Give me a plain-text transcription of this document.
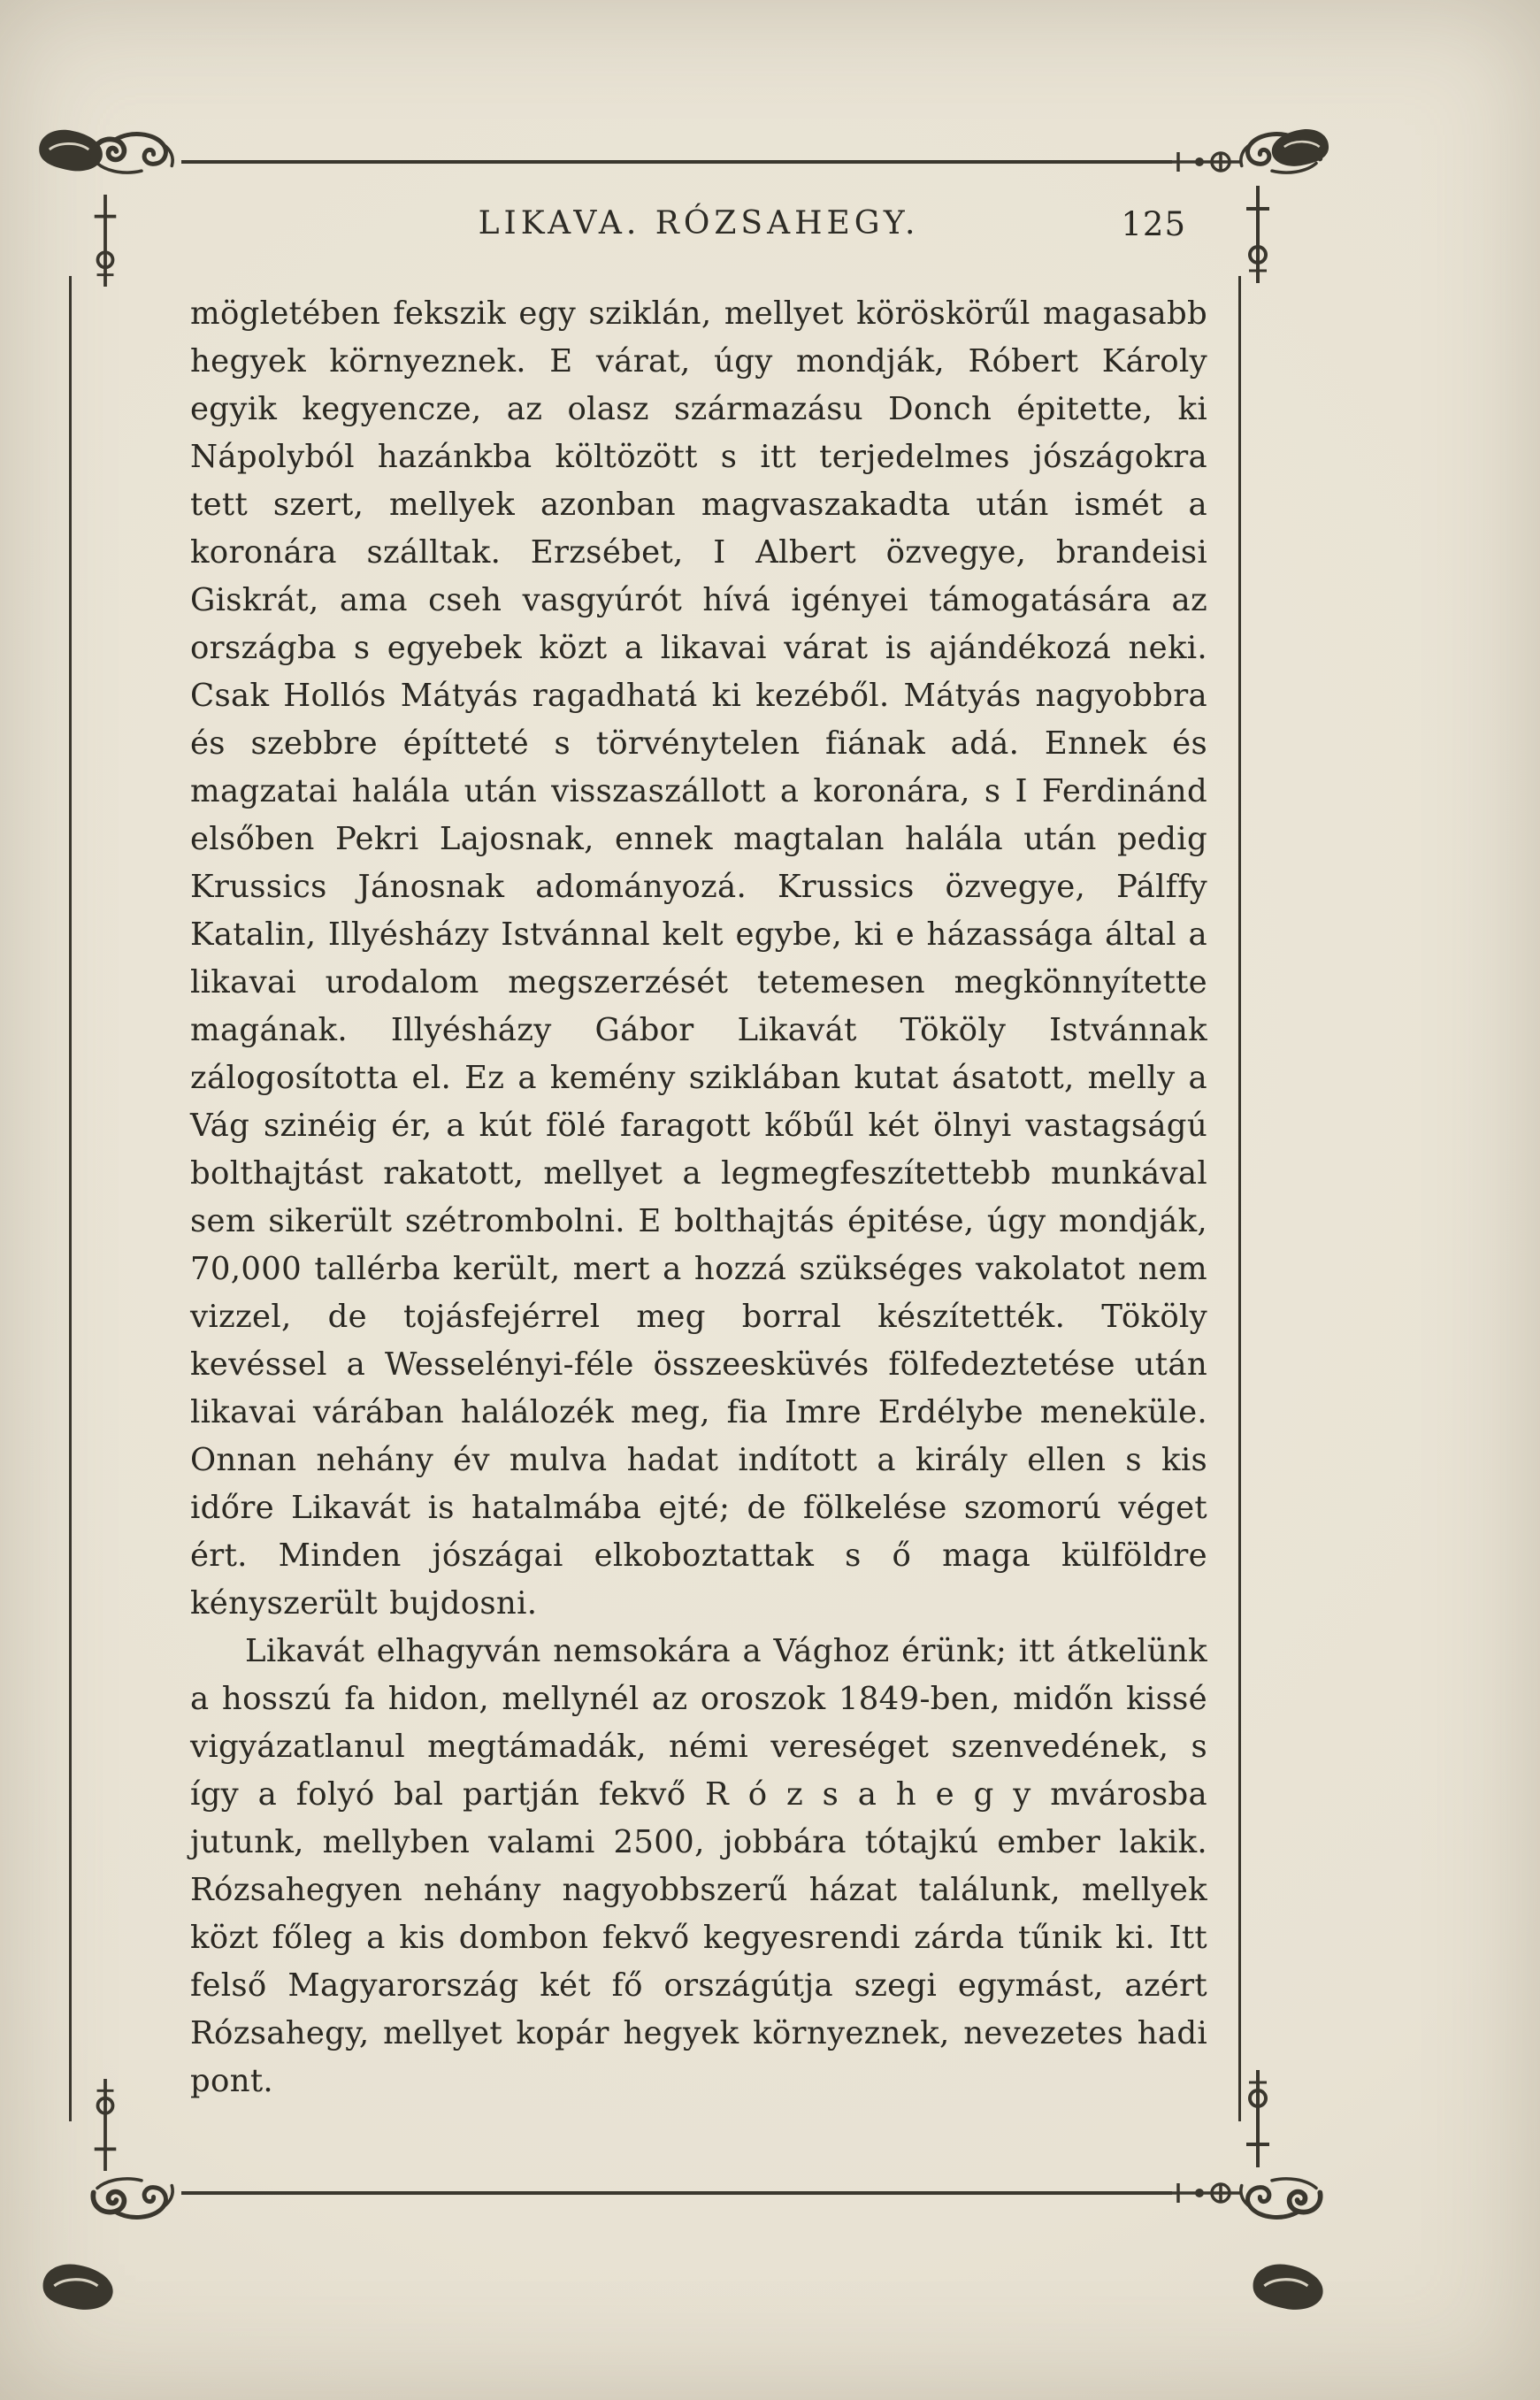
LIKAVA. RÓZSAHEGY.	125

mögletében fekszik egy sziklán, mellyet köröskörűl magasabb hegyek környeznek. E várat, úgy mondják, Róbert Károly egyik kegyencze, az olasz származásu Donch épitette, ki Nápolyból hazánkba költözött s itt terjedelmes jószágokra tett szert, mellyek azonban magvaszakadta után ismét a koronára szálltak. Erzsébet, I Albert özvegye, brandeisi Giskrát, ama cseh vasgyúrót hívá igényei támogatására az országba s egyebek közt a likavai várat is ajándékozá neki. Csak Hollós Mátyás ragadhatá ki kezéből. Mátyás nagyobbra és szebbre építteté s törvénytelen fiának adá. Ennek és magzatai halála után visszaszállott a koronára, s I Ferdinánd elsőben Pekri Lajosnak, ennek magtalan halála után pedig Krussics Jánosnak adományozá. Krussics özvegye, Pálffy Katalin, Illyésházy Istvánnal kelt egybe, ki e házassága által a likavai urodalom megszerzését tetemesen megkönnyítette magának. Illyésházy Gábor Likavát Tököly Istvánnak zálogosította el. Ez a kemény sziklában kutat ásatott, melly a Vág szinéig ér, a kút fölé faragott kőbűl két ölnyi vastagságú bolthajtást rakatott, mellyet a legmegfeszítettebb munkával sem sikerült szétrombolni. E bolthajtás épitése, úgy mondják, 70,000 tallérba került, mert a hozzá szükséges vakolatot nem vizzel, de tojásfejérrel meg borral készítették. Tököly kevéssel a Wesselényi-féle összeesküvés fölfedeztetése után likavai várában halálozék meg, fia Imre Erdélybe meneküle. Onnan nehány év mulva hadat indított a király ellen s kis időre Likavát is hatalmába ejté; de fölkelése szomorú véget ért. Minden jószágai elkoboztattak s ő maga külföldre kényszerült bujdosni.

Likavát elhagyván nemsokára a Vághoz érünk; itt átkelünk a hosszú fa hidon, mellynél az oroszok 1849-ben, midőn kissé vigyázatlanul megtámadák, némi vereséget szenvedének, s így a folyó bal partján fekvő R ó z s a h e g y mvárosba jutunk, mellyben valami 2500, jobbára tótajkú ember lakik. Rózsahegyen nehány nagyobbszerű házat találunk, mellyek közt főleg a kis dombon fekvő kegyesrendi zárda tűnik ki. Itt felső Magyarország két fő országútja szegi egymást, azért Rózsahegy, mellyet kopár hegyek környeznek, nevezetes hadi pont.
